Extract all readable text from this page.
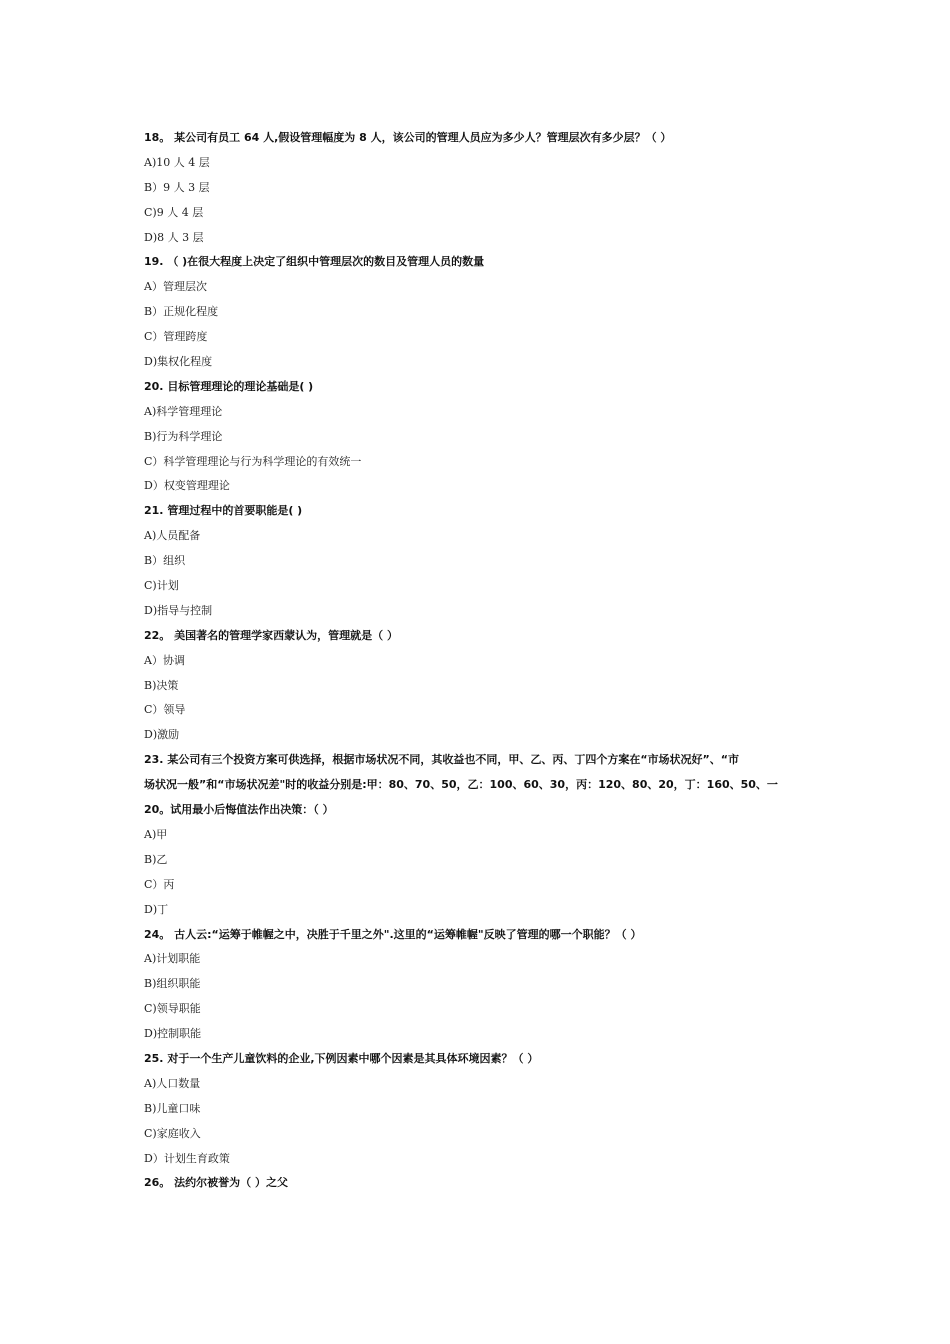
18。 某公司有员工 64 人,假设管理幅度为 8 人，该公司的管理人员应为多少人？管理层次有多少层？（ ）
A)10 人 4 层
B）9 人 3 层
C)9 人 4 层
D)8 人 3 层
19. （ )在很大程度上决定了组织中管理层次的数目及管理人员的数量
A）管理层次
B）正规化程度
C）管理跨度
D)集权化程度
20. 目标管理理论的理论基础是( )
A)科学管理理论
B)行为科学理论
C）科学管理理论与行为科学理论的有效统一
D）权变管理理论
21. 管理过程中的首要职能是( )
A)人员配备
B）组织
C)计划
D)指导与控制
22。 美国著名的管理学家西蒙认为，管理就是（ ）
A）协调
B)决策
C）领导
D)激励
23. 某公司有三个投资方案可供选择，根据市场状况不同，其收益也不同，甲、乙、丙、丁四个方案在“市场状况好”、“市
场状况一般”和“市场状况差"时的收益分别是:甲：80、70、50，乙：100、60、30，丙：120、80、20，丁：160、50、一
20。试用最小后悔值法作出决策：（ ）
A)甲
B)乙
C）丙
D)丁
24。 古人云:“运筹于帷幄之中，决胜于千里之外".这里的“运筹帷幄"反映了管理的哪一个职能？（ ）
A)计划职能
B)组织职能
C)领导职能
D)控制职能
25. 对于一个生产儿童饮料的企业,下例因素中哪个因素是其具体环境因素？（ ）
A)人口数量
B)儿童口味
C)家庭收入
D）计划生育政策
26。 法约尔被誉为（ ）之父
